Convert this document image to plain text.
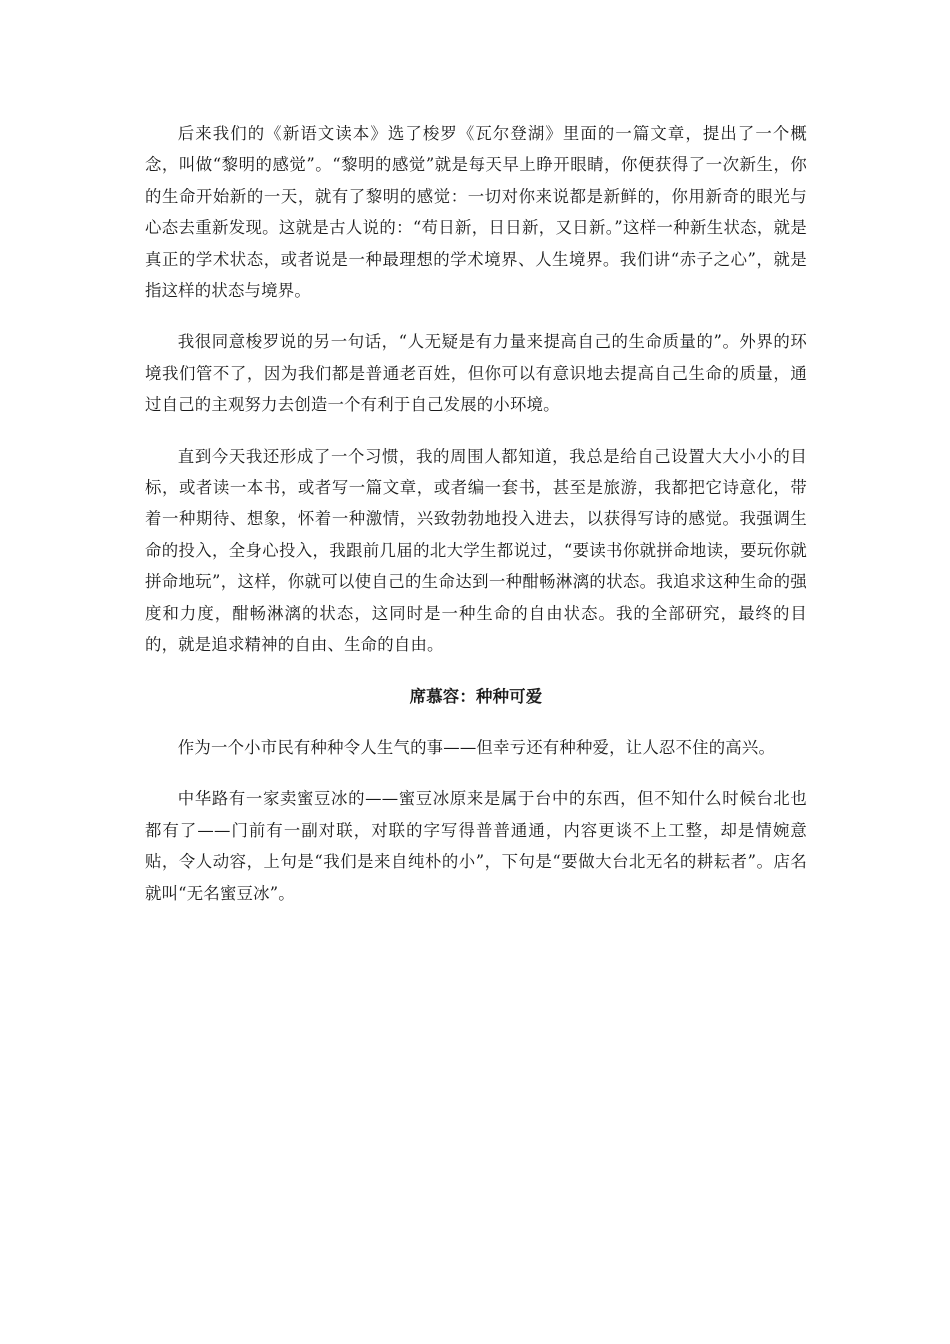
后来我们的《新语文读本》选了梭罗《瓦尔登湖》里面的一篇文章，提出了一个概念，叫做“黎明的感觉”。“黎明的感觉”就是每天早上睁开眼睛，你便获得了一次新生，你的生命开始新的一天，就有了黎明的感觉：一切对你来说都是新鲜的，你用新奇的眼光与心态去重新发现。这就是古人说的：“苟日新，日日新，又日新。”这样一种新生状态，就是真正的学术状态，或者说是一种最理想的学术境界、人生境界。我们讲“赤子之心”，就是指这样的状态与境界。

我很同意梭罗说的另一句话，“人无疑是有力量来提高自己的生命质量的”。外界的环境我们管不了，因为我们都是普通老百姓，但你可以有意识地去提高自己生命的质量，通过自己的主观努力去创造一个有利于自己发展的小环境。

直到今天我还形成了一个习惯，我的周围人都知道，我总是给自己设置大大小小的目标，或者读一本书，或者写一篇文章，或者编一套书，甚至是旅游，我都把它诗意化，带着一种期待、想象，怀着一种激情，兴致勃勃地投入进去，以获得写诗的感觉。我强调生命的投入，全身心投入，我跟前几届的北大学生都说过，“要读书你就拼命地读，要玩你就拼命地玩”，这样，你就可以使自己的生命达到一种酣畅淋漓的状态。我追求这种生命的强度和力度，酣畅淋漓的状态，这同时是一种生命的自由状态。我的全部研究，最终的目的，就是追求精神的自由、生命的自由。

席慕容：种种可爱

作为一个小市民有种种令人生气的事——但幸亏还有种种爱，让人忍不住的高兴。

中华路有一家卖蜜豆冰的——蜜豆冰原来是属于台中的东西，但不知什么时候台北也都有了——门前有一副对联，对联的字写得普普通通，内容更谈不上工整，却是情婉意贴，令人动容，上句是“我们是来自纯朴的小”，下句是“要做大台北无名的耕耘者”。店名就叫“无名蜜豆冰”。
